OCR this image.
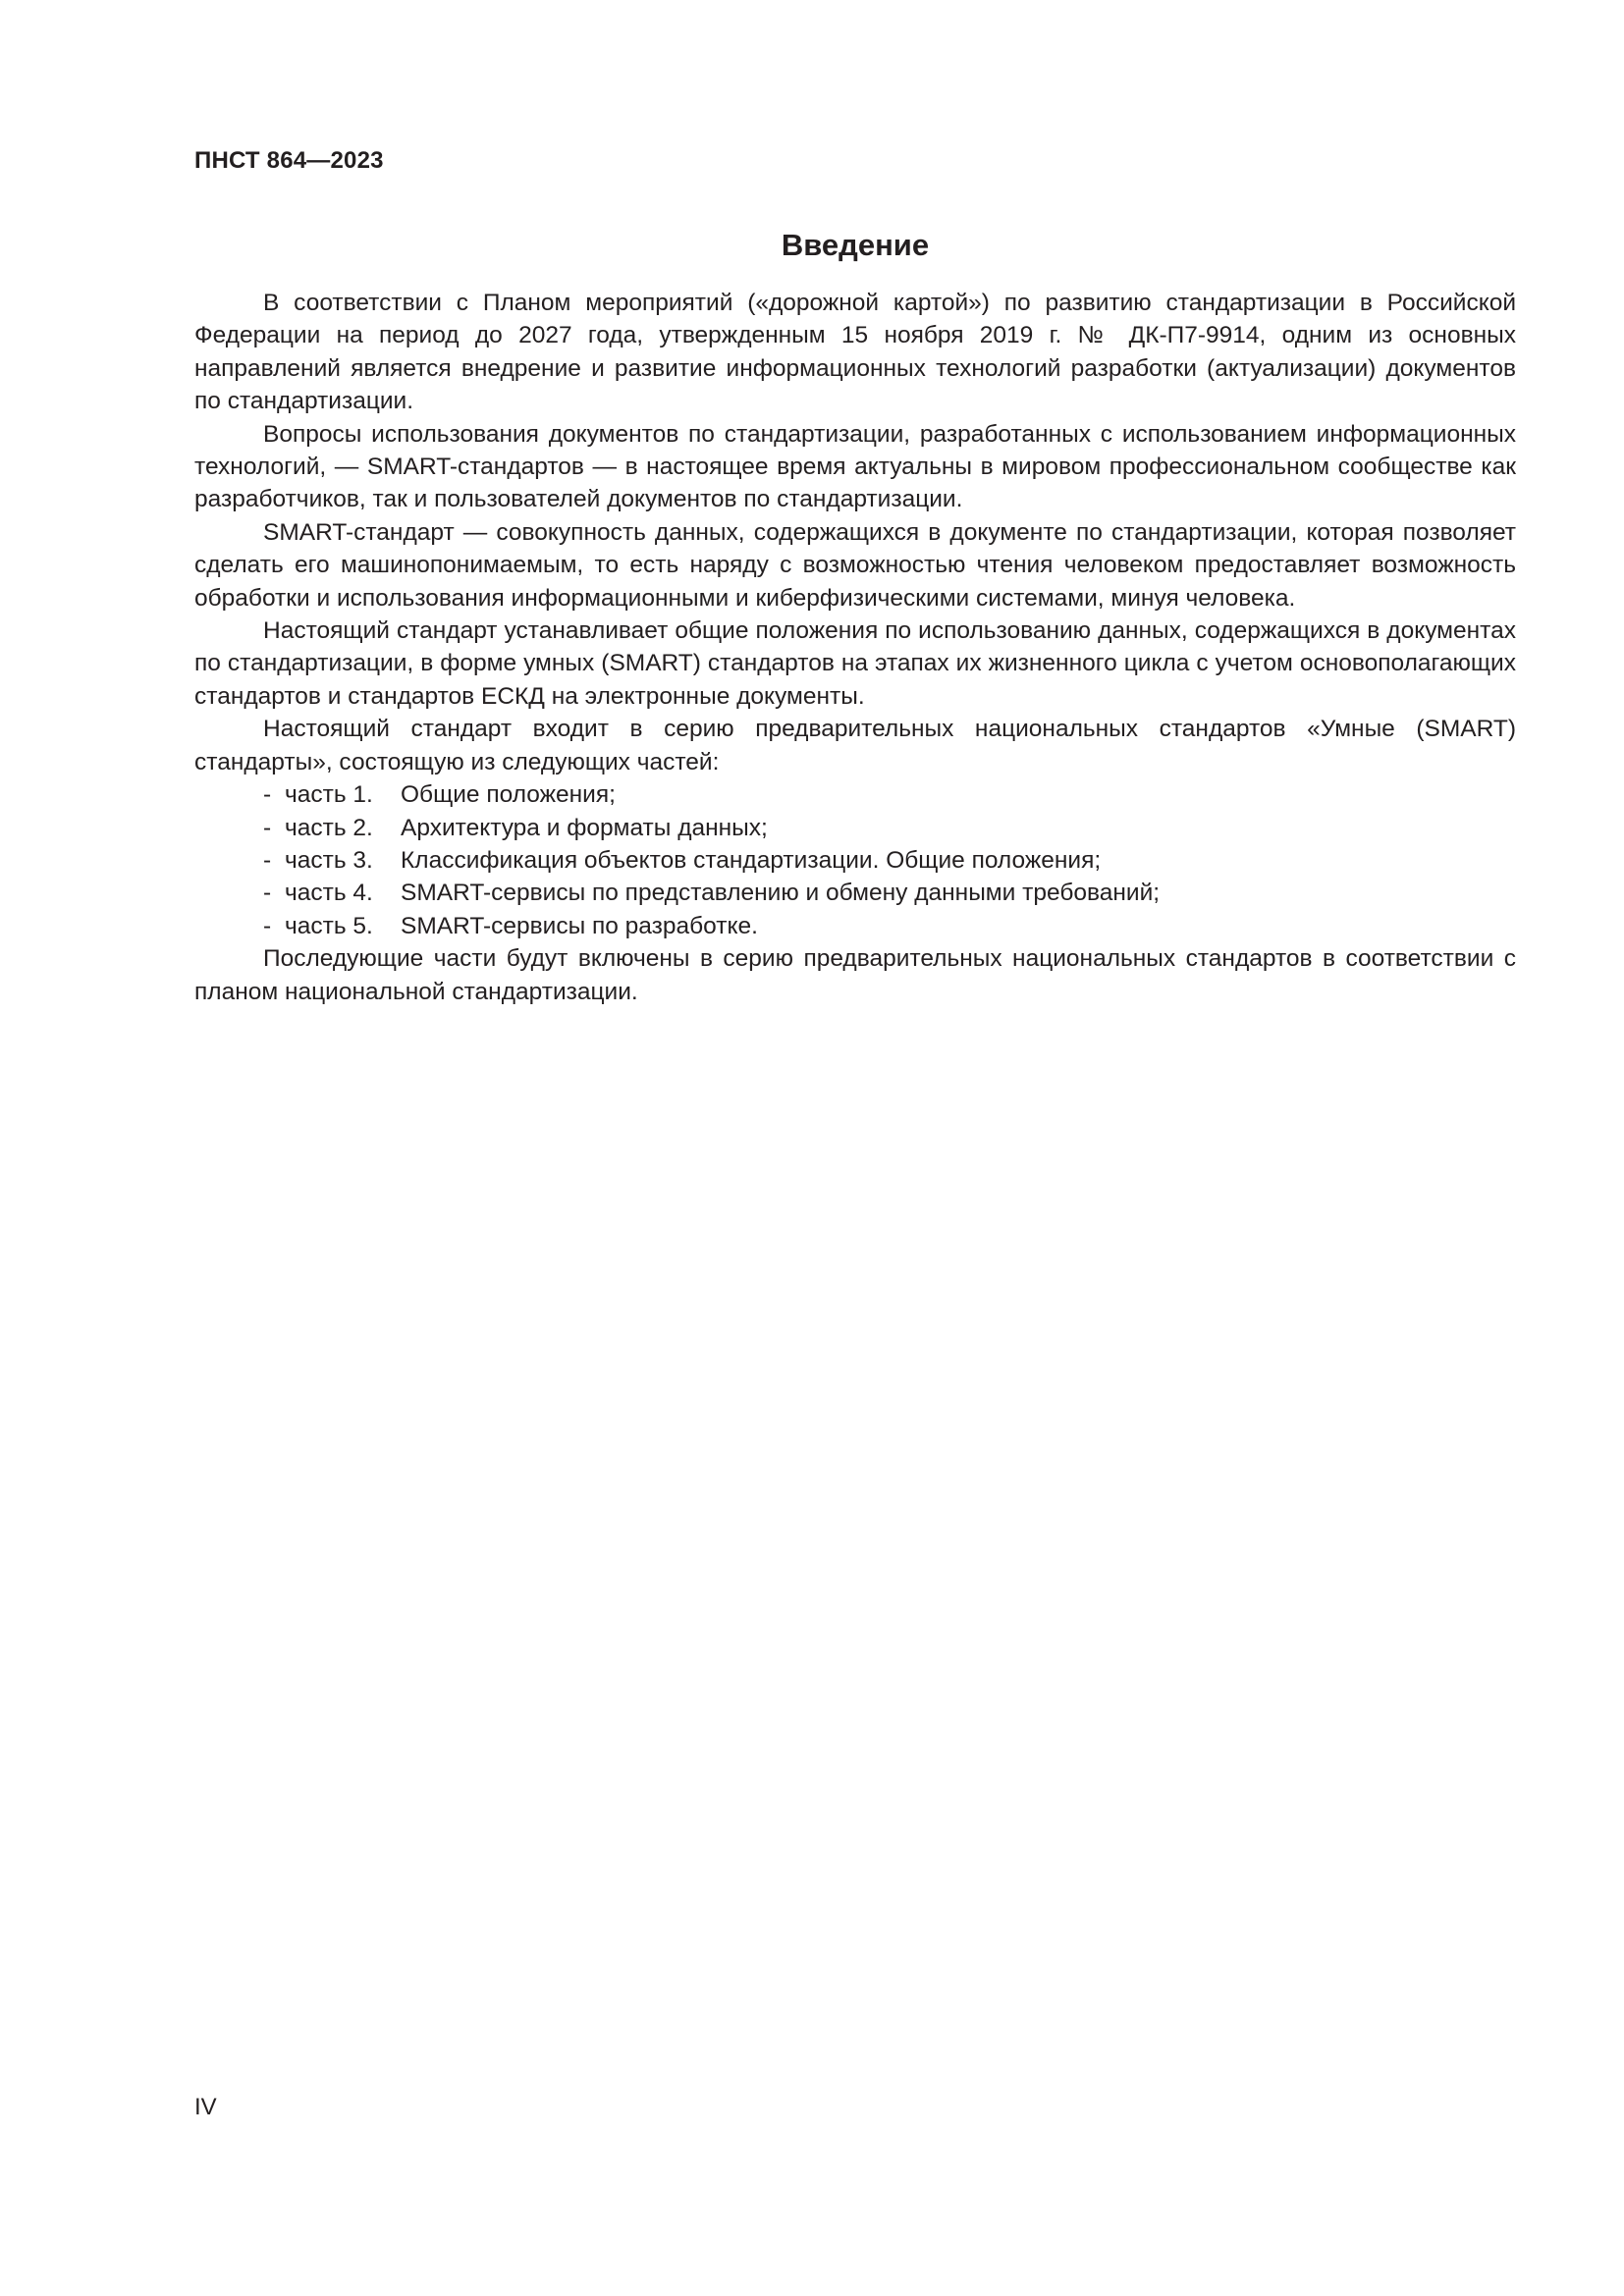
ПНСТ 864—2023
Введение

В соответствии с Планом мероприятий («дорожной картой») по развитию стандартизации в Российской Федерации на период до 2027 года, утвержденным 15 ноября 2019 г. № ДК-П7-9914, одним из основных направлений является внедрение и развитие информационных технологий разработки (актуализации) документов по стандартизации.

Вопросы использования документов по стандартизации, разработанных с использованием информационных технологий, — SMART-стандартов — в настоящее время актуальны в мировом профессиональном сообществе как разработчиков, так и пользователей документов по стандартизации.

SMART-стандарт — совокупность данных, содержащихся в документе по стандартизации, которая позволяет сделать его машинопонимаемым, то есть наряду с возможностью чтения человеком предоставляет возможность обработки и использования информационными и киберфизическими системами, минуя человека.

Настоящий стандарт устанавливает общие положения по использованию данных, содержащихся в документах по стандартизации, в форме умных (SMART) стандартов на этапах их жизненного цикла с учетом основополагающих стандартов и стандартов ЕСКД на электронные документы.

Настоящий стандарт входит в серию предварительных национальных стандартов «Умные (SMART) стандарты», состоящую из следующих частей:

- часть 1.	Общие положения;
- часть 2.	Архитектура и форматы данных;
- часть 3.	Классификация объектов стандартизации. Общие положения;
- часть 4.	SMART-сервисы по представлению и обмену данными требований;
- часть 5.	SMART-сервисы по разработке.

Последующие части будут включены в серию предварительных национальных стандартов в соответствии с планом национальной стандартизации.

IV
